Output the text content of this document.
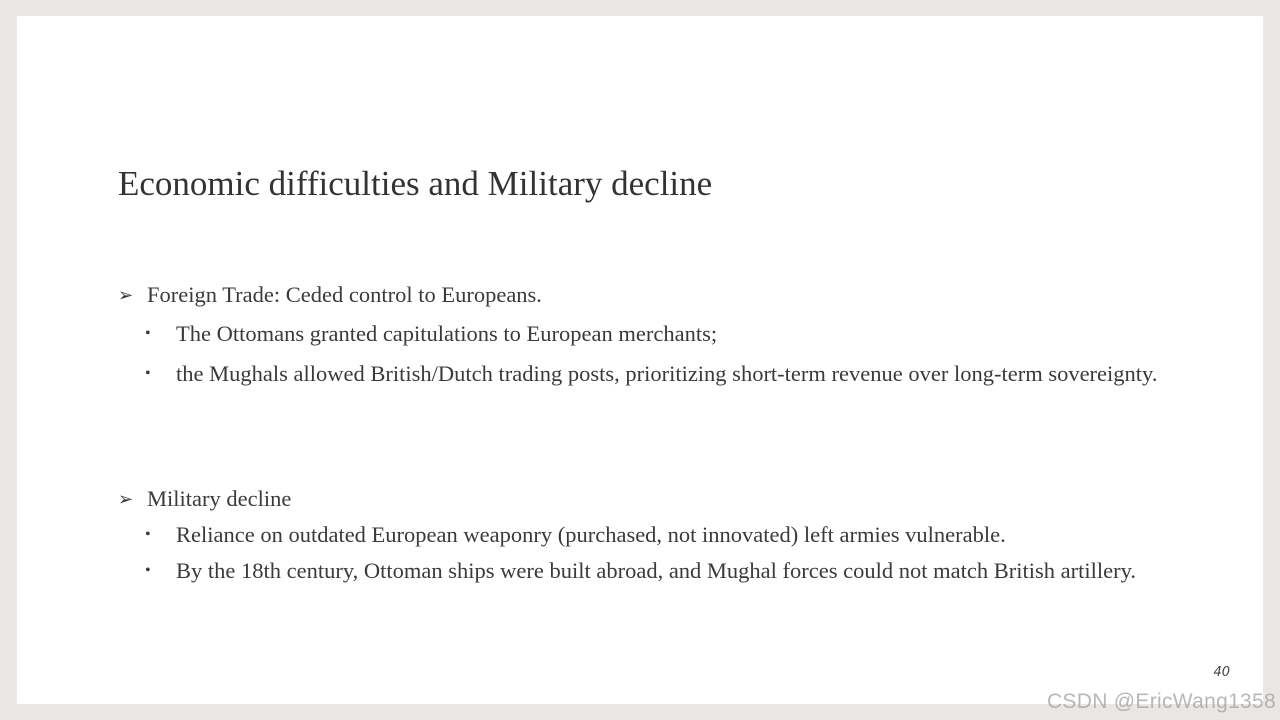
Economic difficulties and Military decline
➢ Foreign Trade: Ceded control to Europeans.
• The Ottomans granted capitulations to European merchants;
• the Mughals allowed British/Dutch trading posts, prioritizing short-term revenue over long-term sovereignty.
➢ Military decline
• Reliance on outdated European weaponry (purchased, not innovated) left armies vulnerable.
• By the 18th century, Ottoman ships were built abroad, and Mughal forces could not match British artillery.
40
CSDN @EricWang1358
